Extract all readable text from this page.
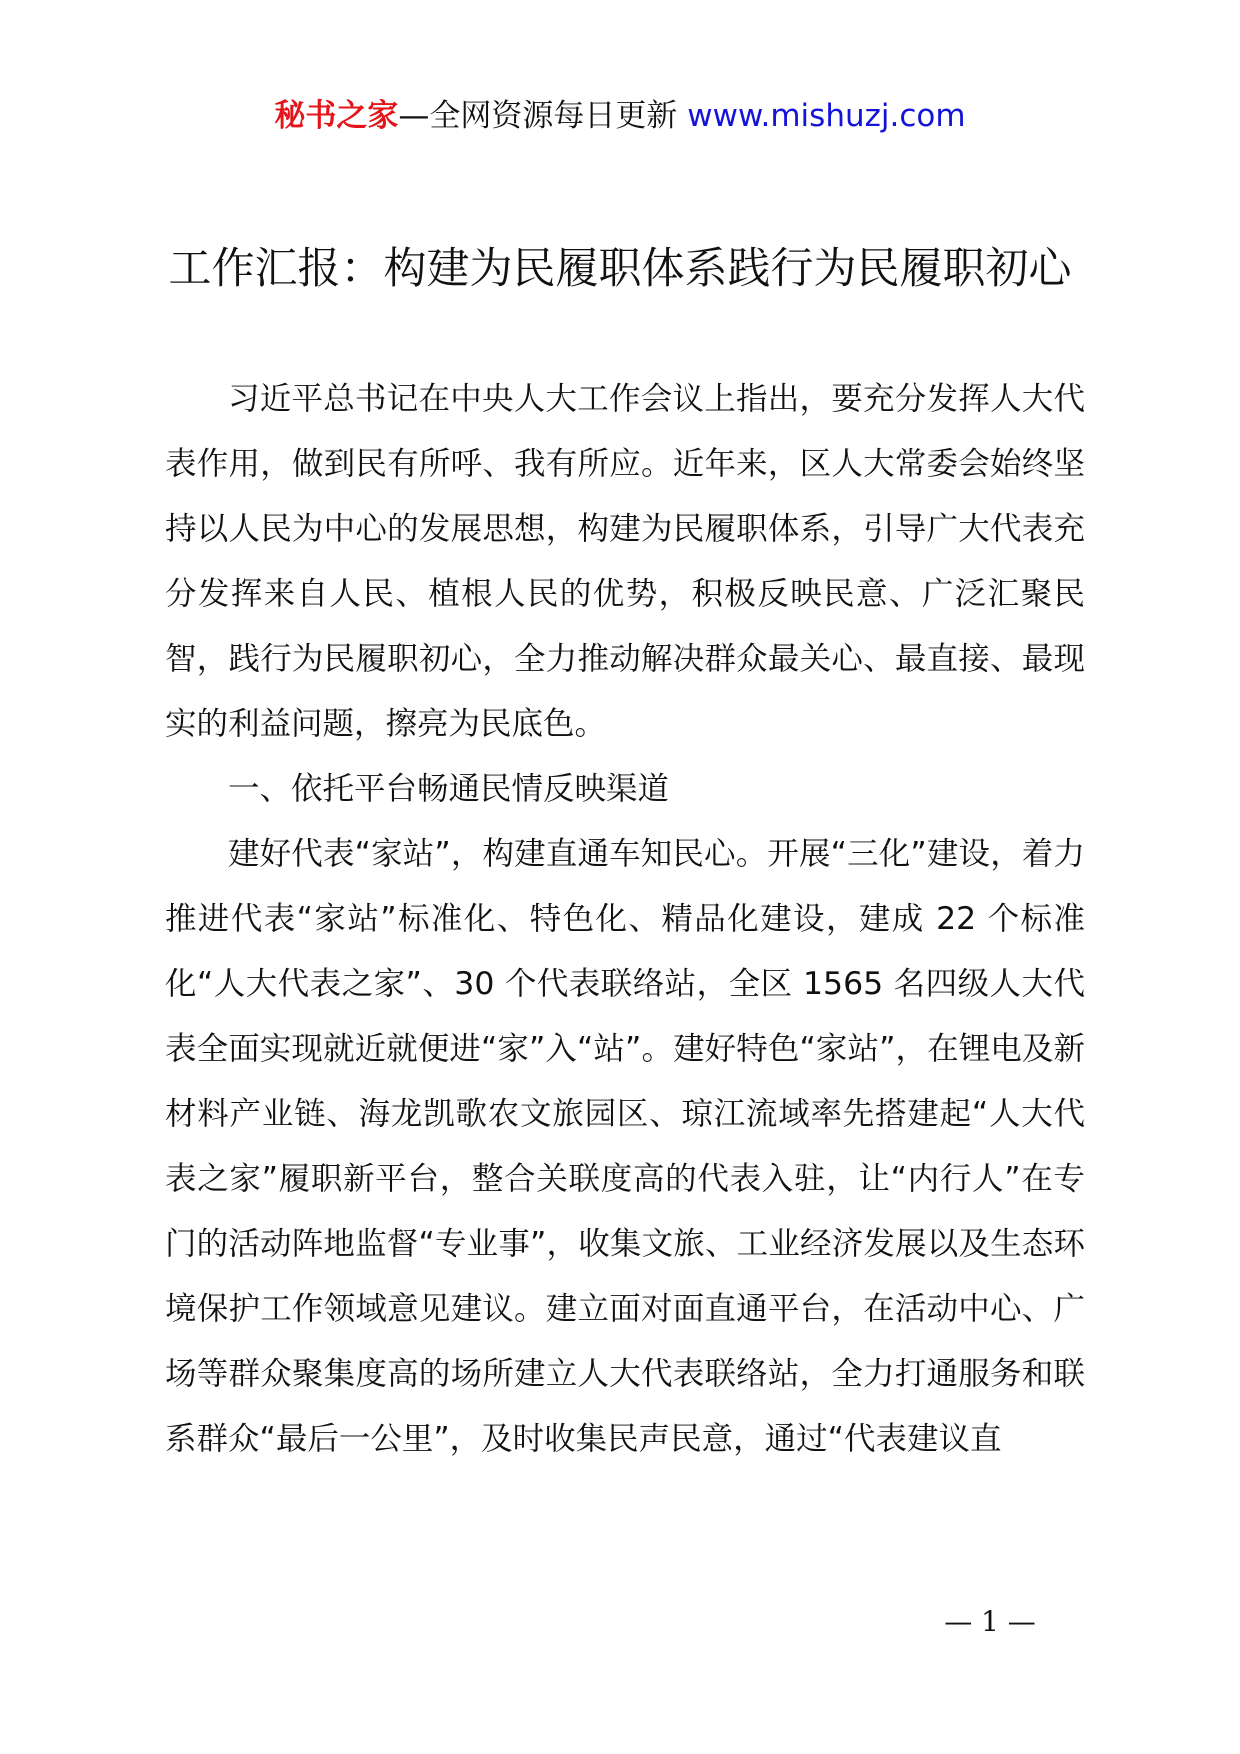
秘书之家—全网资源每日更新 www.mishuzj.com
工作汇报：构建为民履职体系践行为民履职初心

习近平总书记在中央人大工作会议上指出，要充分发挥人大代表作用，做到民有所呼、我有所应。近年来，区人大常委会始终坚持以人民为中心的发展思想，构建为民履职体系，引导广大代表充分发挥来自人民、植根人民的优势，积极反映民意、广泛汇聚民智，践行为民履职初心，全力推动解决群众最关心、最直接、最现实的利益问题，擦亮为民底色。

一、依托平台畅通民情反映渠道

建好代表“家站”，构建直通车知民心。开展“三化”建设，着力推进代表“家站”标准化、特色化、精品化建设，建成 22 个标准化“人大代表之家”、30 个代表联络站，全区 1565 名四级人大代表全面实现就近就便进“家”入“站”。建好特色“家站”，在锂电及新材料产业链、海龙凯歌农文旅园区、琼江流域率先搭建起“人大代表之家”履职新平台，整合关联度高的代表入驻，让“内行人”在专门的活动阵地监督“专业事”，收集文旅、工业经济发展以及生态环境保护工作领域意见建议。建立面对面直通平台，在活动中心、广场等群众聚集度高的场所建立人大代表联络站，全力打通服务和联系群众“最后一公里”，及时收集民声民意，通过“代表建议直

— 1 —
